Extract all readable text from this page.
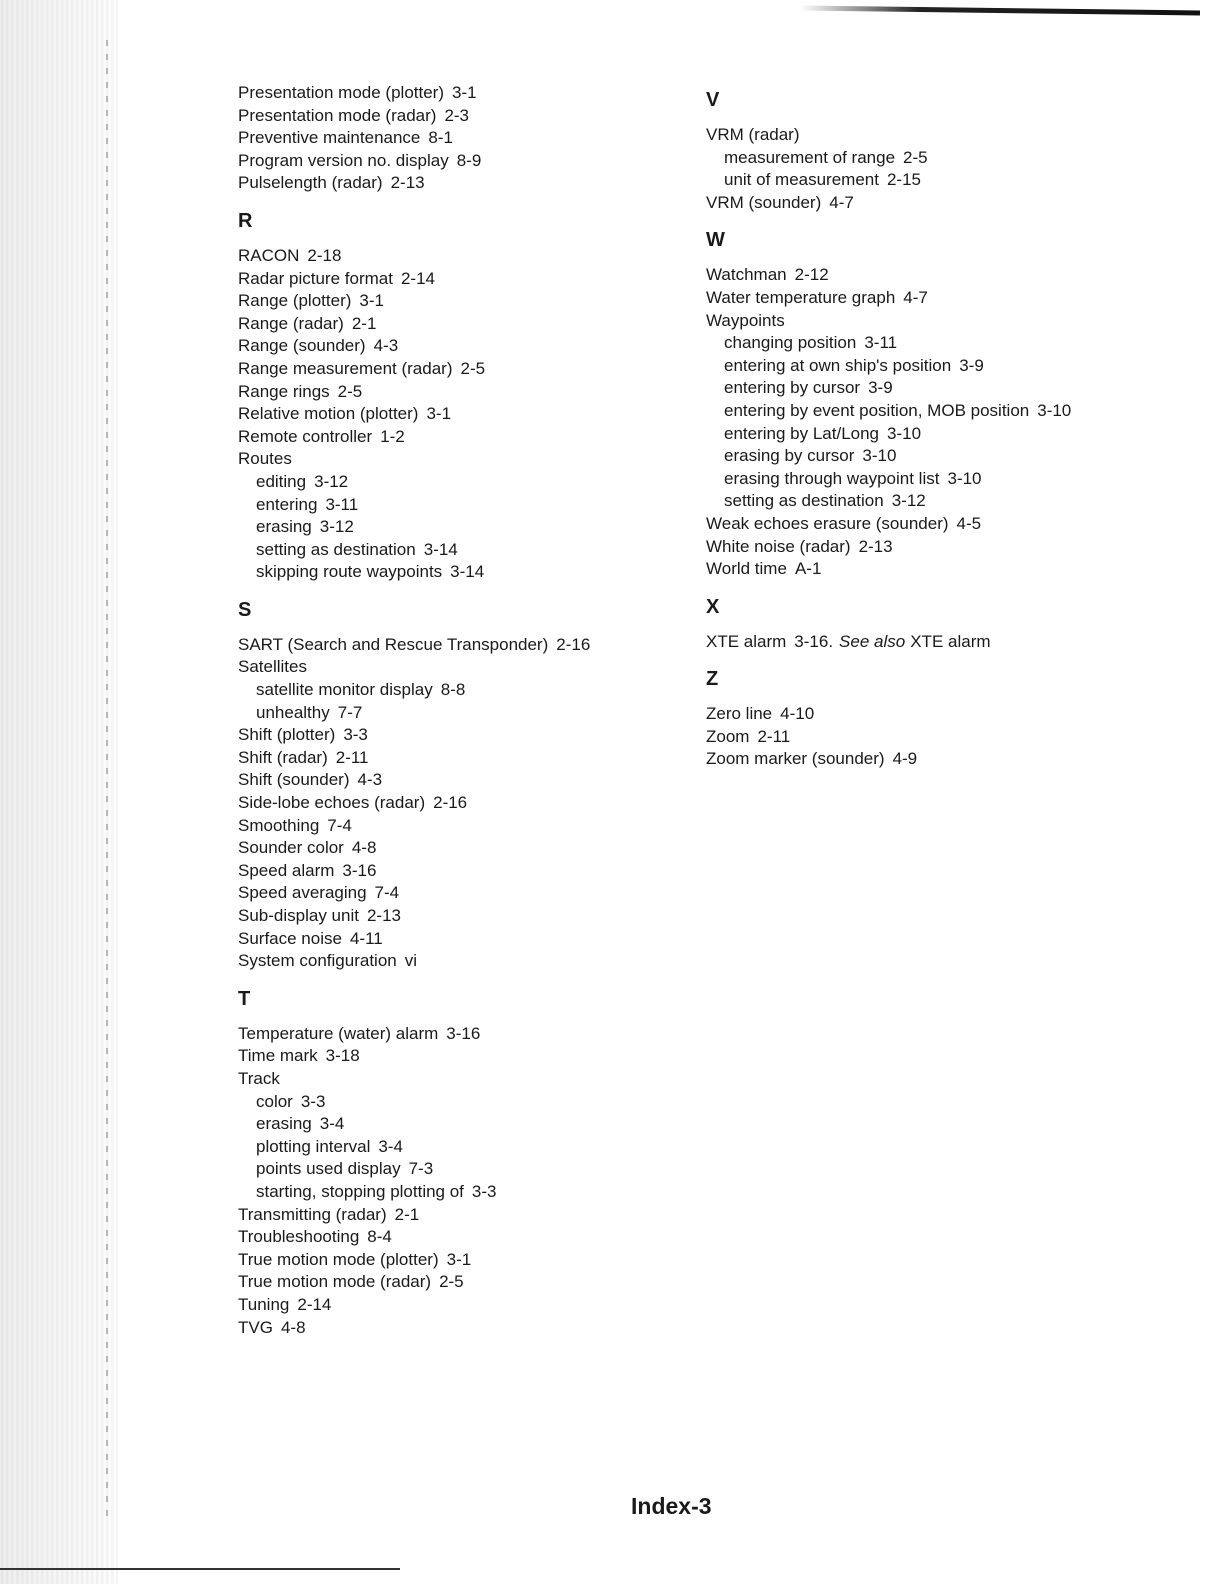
Presentation mode (plotter) 3-1
Presentation mode (radar) 2-3
Preventive maintenance 8-1
Program version no. display 8-9
Pulselength (radar) 2-13
R
RACON 2-18
Radar picture format 2-14
Range (plotter) 3-1
Range (radar) 2-1
Range (sounder) 4-3
Range measurement (radar) 2-5
Range rings 2-5
Relative motion (plotter) 3-1
Remote controller 1-2
Routes
editing 3-12
entering 3-11
erasing 3-12
setting as destination 3-14
skipping route waypoints 3-14
S
SART (Search and Rescue Transponder) 2-16
Satellites
satellite monitor display 8-8
unhealthy 7-7
Shift (plotter) 3-3
Shift (radar) 2-11
Shift (sounder) 4-3
Side-lobe echoes (radar) 2-16
Smoothing 7-4
Sounder color 4-8
Speed alarm 3-16
Speed averaging 7-4
Sub-display unit 2-13
Surface noise 4-11
System configuration vi
T
Temperature (water) alarm 3-16
Time mark 3-18
Track
color 3-3
erasing 3-4
plotting interval 3-4
points used display 7-3
starting, stopping plotting of 3-3
Transmitting (radar) 2-1
Troubleshooting 8-4
True motion mode (plotter) 3-1
True motion mode (radar) 2-5
Tuning 2-14
TVG 4-8
V
VRM (radar)
measurement of range 2-5
unit of measurement 2-15
VRM (sounder) 4-7
W
Watchman 2-12
Water temperature graph 4-7
Waypoints
changing position 3-11
entering at own ship's position 3-9
entering by cursor 3-9
entering by event position, MOB position 3-10
entering by Lat/Long 3-10
erasing by cursor 3-10
erasing through waypoint list 3-10
setting as destination 3-12
Weak echoes erasure (sounder) 4-5
White noise (radar) 2-13
World time A-1
X
XTE alarm 3-16. See also XTE alarm
Z
Zero line 4-10
Zoom 2-11
Zoom marker (sounder) 4-9
Index-3
